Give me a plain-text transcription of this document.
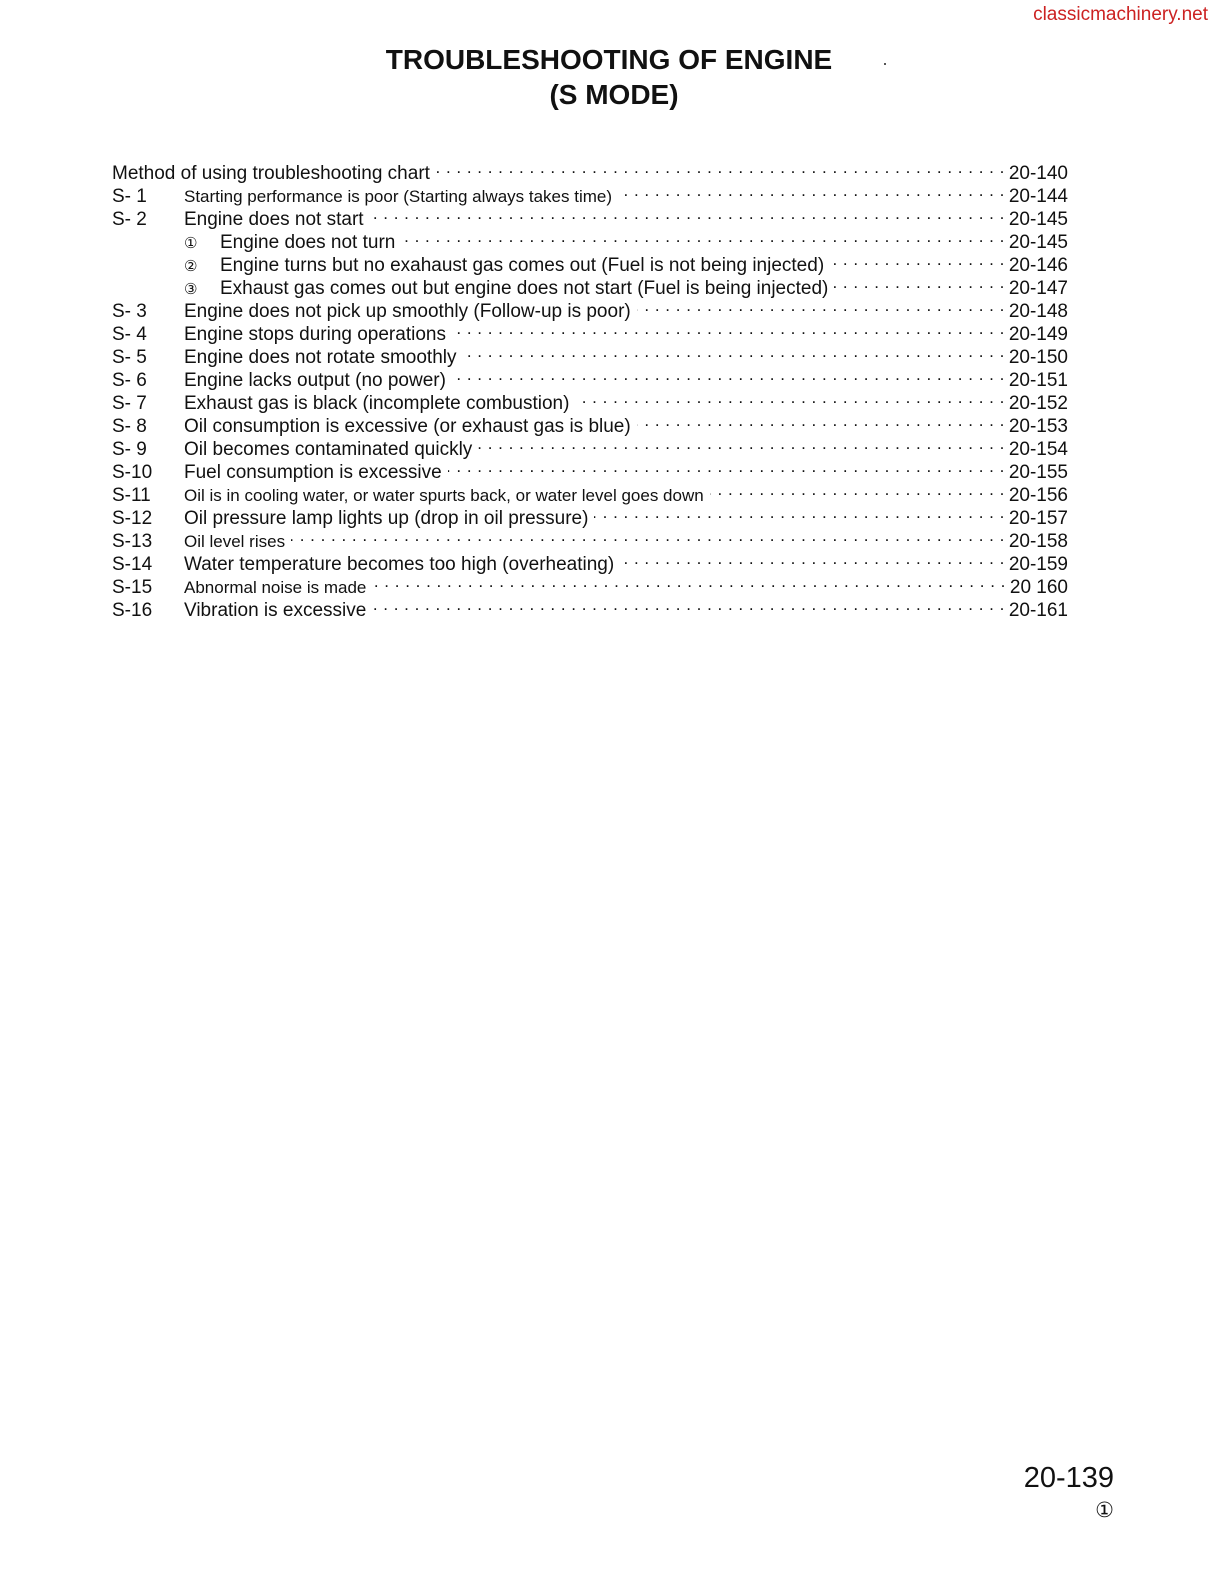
classicmachinery.net
TROUBLESHOOTING OF ENGINE
(S MODE)
Method of using troubleshooting chart . . .	20-140
S- 1	Starting performance is poor (Starting always takes time) . . .	20-144
S- 2	Engine does not start . . .	20-145
①	Engine does not turn . . .	20-145
②	Engine turns but no exahaust gas comes out (Fuel is not being injected) . . .	20-146
③	Exhaust gas comes out but engine does not start (Fuel is being injected) . . .	20-147
S- 3	Engine does not pick up smoothly (Follow-up is poor) . . .	20-148
S- 4	Engine stops during operations . . .	20-149
S- 5	Engine does not rotate smoothly . . .	20-150
S- 6	Engine lacks output (no power) . . .	20-151
S- 7	Exhaust gas is black (incomplete combustion) . . .	20-152
S- 8	Oil consumption is excessive (or exhaust gas is blue) . . .	20-153
S- 9	Oil becomes contaminated quickly . . .	20-154
S-10	Fuel consumption is excessive . . .	20-155
S-11	Oil is in cooling water, or water spurts back, or water level goes down . . .	20-156
S-12	Oil pressure lamp lights up (drop in oil pressure) . . .	20-157
S-13	Oil level rises . . .	20-158
S-14	Water temperature becomes too high (overheating) . . .	20-159
S-15	Abnormal noise is made . . .	20 160
S-16	Vibration is excessive . . .	20-161
20-139
①
